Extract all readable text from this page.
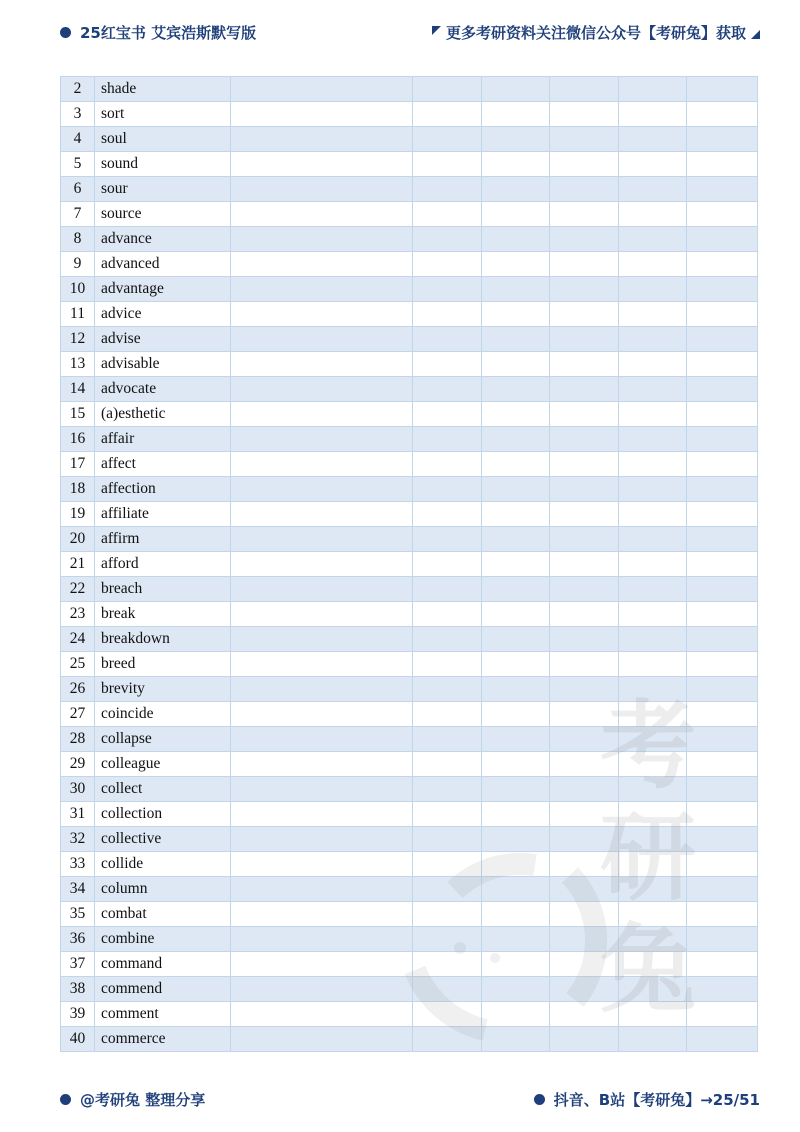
25红宝书 艾宾浩斯默写版	更多考研资料关注微信公众号【考研兔】获取
2	shade						
3	sort						
4	soul						
5	sound						
6	sour						
7	source						
8	advance						
9	advanced						
10	advantage						
11	advice						
12	advise						
13	advisable						
14	advocate						
15	(a)esthetic						
16	affair						
17	affect						
18	affection						
19	affiliate						
20	affirm						
21	afford						
22	breach						
23	break						
24	breakdown						
25	breed						
26	brevity						
27	coincide						
28	collapse						
29	colleague						
30	collect						
31	collection						
32	collective						
33	collide						
34	column						
35	combat						
36	combine						
37	command						
38	commend						
39	comment						
40	commerce						
@考研兔 整理分享	抖音、B站【考研兔】→25/51
